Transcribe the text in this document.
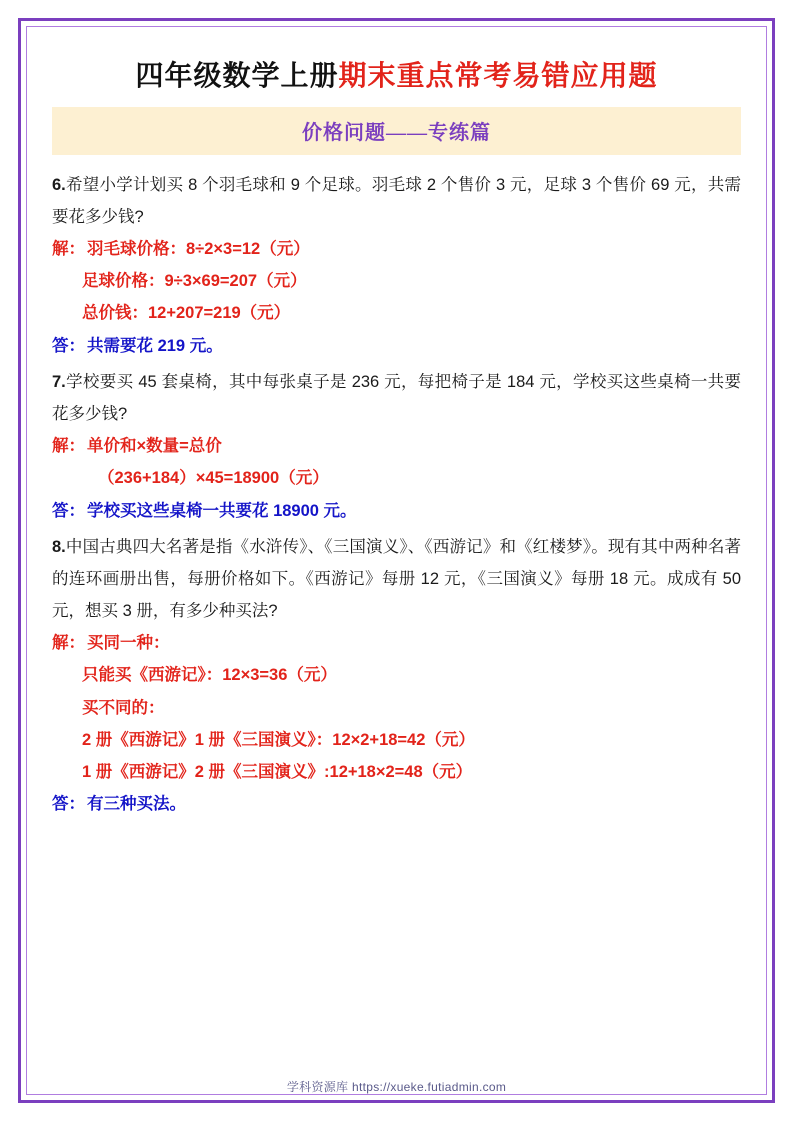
四年级数学上册期末重点常考易错应用题
价格问题——专练篇
6.希望小学计划买 8 个羽毛球和 9 个足球。羽毛球 2 个售价 3 元，足球 3 个售价 69 元，共需要花多少钱?
解： 羽毛球价格：8÷2×3=12（元）
足球价格：9÷3×69=207（元）
总价钱：12+207=219（元）
答： 共需要花 219 元。
7.学校要买 45 套桌椅，其中每张桌子是 236 元，每把椅子是 184 元，学校买这些桌椅一共要花多少钱?
解： 单价和×数量=总价
（236+184）×45=18900（元）
答： 学校买这些桌椅一共要花 18900 元。
8.中国古典四大名著是指《水浒传》、《三国演义》、《西游记》和《红楼梦》。现有其中两种名著的连环画册出售，每册价格如下。《西游记》每册 12 元，《三国演义》每册 18 元。成成有 50 元，想买 3 册，有多少种买法?
解： 买同一种：
只能买《西游记》：12×3=36（元）
买不同的：
2 册《西游记》1 册《三国演义》：12×2+18=42（元）
1 册《西游记》2 册《三国演义》:12+18×2=48（元）
答： 有三种买法。
学科资源库 https://xueke.futiadmin.com
